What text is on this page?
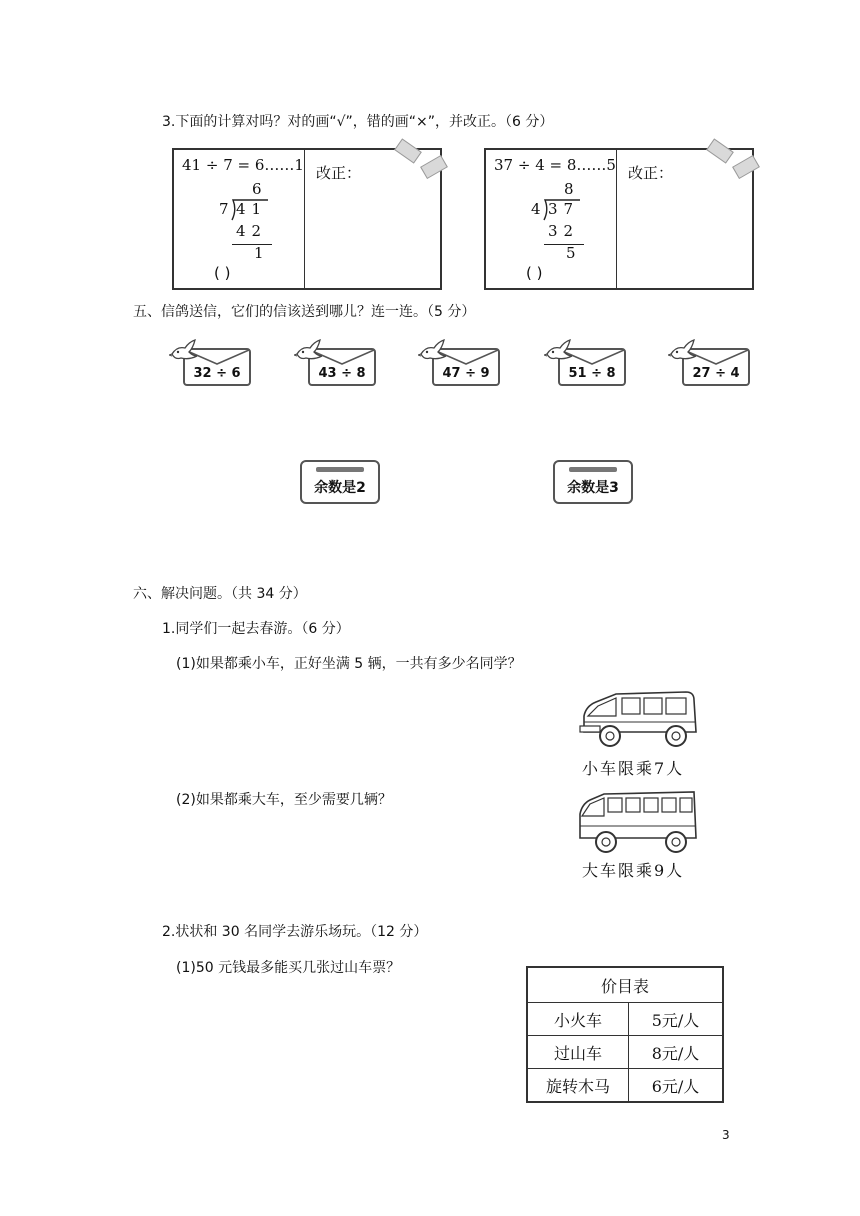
3.下面的计算对吗？对的画“√”，错的画“×”，并改正。（6 分）
41 ÷ 7 = 6……1 改正：
6
7 41
42
1
( )
37 ÷ 4 = 8……5 改正：
8
4 37
32
5
( )
五、信鸽送信，它们的信该送到哪儿？连一连。（5 分）
32 ÷ 6	43 ÷ 8	47 ÷ 9	51 ÷ 8	27 ÷ 4
余数是2	余数是3
六、解决问题。（共 34 分）
1.同学们一起去春游。（6 分）
(1)如果都乘小车，正好坐满 5 辆，一共有多少名同学？
(2)如果都乘大车，至少需要几辆？
小车限乘7人
大车限乘9人
2.状状和 30 名同学去游乐场玩。（12 分）
(1)50 元钱最多能买几张过山车票？
价目表	
小火车	5元/人
过山车	8元/人
旋转木马	6元/人
3
